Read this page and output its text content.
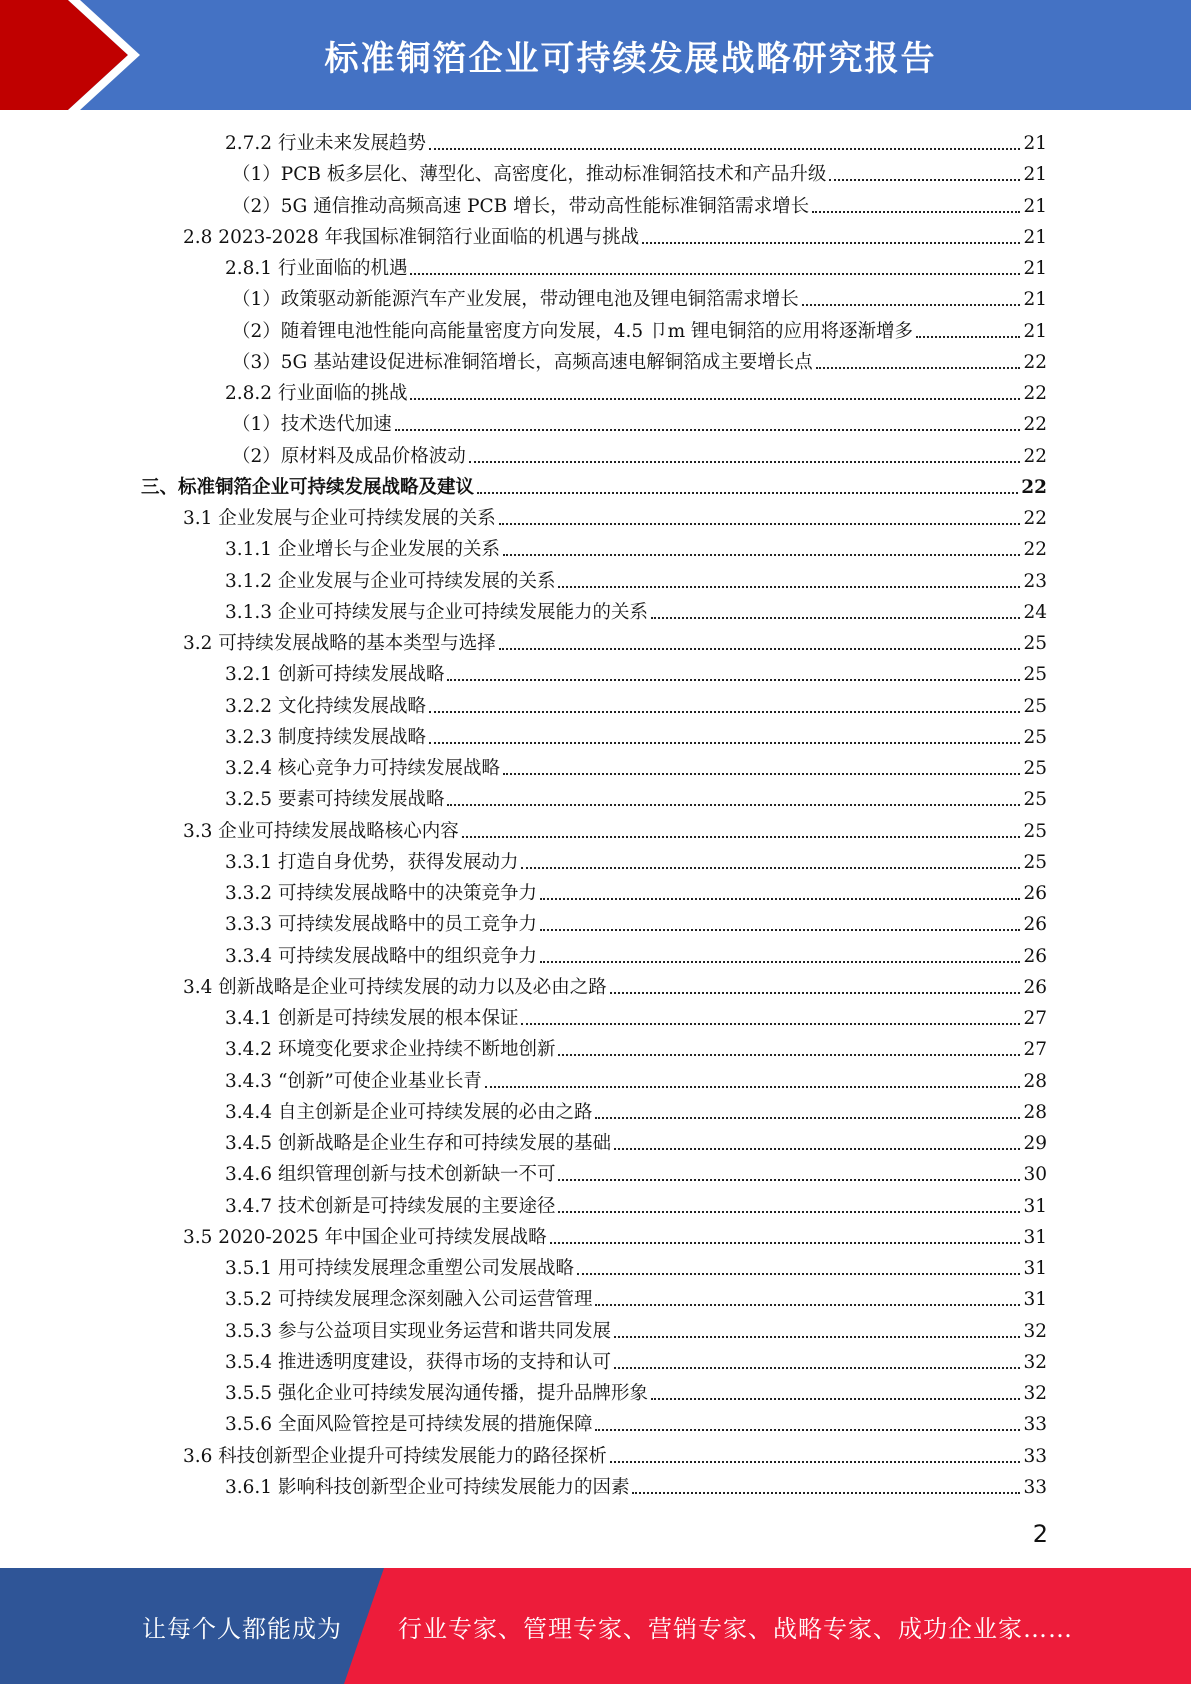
标准铜箔企业可持续发展战略研究报告
2.7.2 行业未来发展趋势	21
（1）PCB 板多层化、薄型化、高密度化，推动标准铜箔技术和产品升级	21
（2）5G 通信推动高频高速 PCB 增长，带动高性能标准铜箔需求增长	21
2.8 2023-2028 年我国标准铜箔行业面临的机遇与挑战	21
2.8.1 行业面临的机遇	21
（1）政策驱动新能源汽车产业发展，带动锂电池及锂电铜箔需求增长	21
（2）随着锂电池性能向高能量密度方向发展，4.5 卩m 锂电铜箔的应用将逐渐增多	21
（3）5G 基站建设促进标准铜箔增长，高频高速电解铜箔成主要增长点	22
2.8.2 行业面临的挑战	22
（1）技术迭代加速	22
（2）原材料及成品价格波动	22
三、标准铜箔企业可持续发展战略及建议	22
3.1 企业发展与企业可持续发展的关系	22
3.1.1 企业增长与企业发展的关系	22
3.1.2 企业发展与企业可持续发展的关系	23
3.1.3 企业可持续发展与企业可持续发展能力的关系	24
3.2 可持续发展战略的基本类型与选择	25
3.2.1 创新可持续发展战略	25
3.2.2 文化持续发展战略	25
3.2.3 制度持续发展战略	25
3.2.4 核心竞争力可持续发展战略	25
3.2.5 要素可持续发展战略	25
3.3 企业可持续发展战略核心内容	25
3.3.1 打造自身优势，获得发展动力	25
3.3.2 可持续发展战略中的决策竞争力	26
3.3.3 可持续发展战略中的员工竞争力	26
3.3.4 可持续发展战略中的组织竞争力	26
3.4 创新战略是企业可持续发展的动力以及必由之路	26
3.4.1 创新是可持续发展的根本保证	27
3.4.2 环境变化要求企业持续不断地创新	27
3.4.3 “创新”可使企业基业长青	28
3.4.4 自主创新是企业可持续发展的必由之路	28
3.4.5 创新战略是企业生存和可持续发展的基础	29
3.4.6 组织管理创新与技术创新缺一不可	30
3.4.7 技术创新是可持续发展的主要途径	31
3.5 2020-2025 年中国企业可持续发展战略	31
3.5.1 用可持续发展理念重塑公司发展战略	31
3.5.2 可持续发展理念深刻融入公司运营管理	31
3.5.3 参与公益项目实现业务运营和谐共同发展	32
3.5.4 推进透明度建设，获得市场的支持和认可	32
3.5.5 强化企业可持续发展沟通传播，提升品牌形象	32
3.5.6 全面风险管控是可持续发展的措施保障	33
3.6 科技创新型企业提升可持续发展能力的路径探析	33
3.6.1 影响科技创新型企业可持续发展能力的因素	33
2
让每个人都能成为 行业专家、管理专家、营销专家、战略专家、成功企业家……
